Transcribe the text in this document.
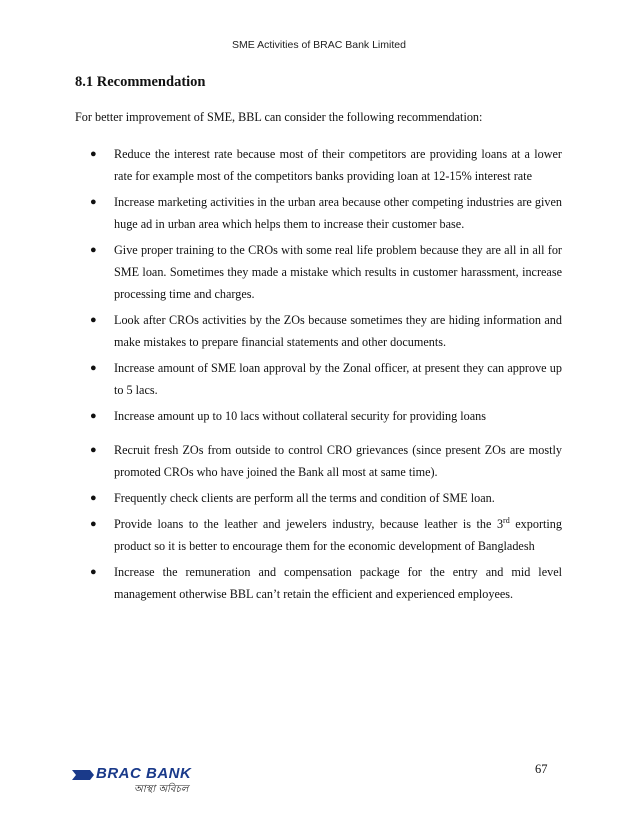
SME Activities of BRAC Bank Limited
8.1 Recommendation
For better improvement of SME, BBL can consider the following recommendation:
● Reduce the interest rate because most of their competitors are providing loans at a lower rate for example most of the competitors banks providing loan at 12-15% interest rate
● Increase marketing activities in the urban area because other competing industries are given huge ad in urban area which helps them to increase their customer base.
● Give proper training to the CROs with some real life problem because they are all in all for SME loan. Sometimes they made a mistake which results in customer harassment, increase processing time and charges.
● Look after CROs activities by the ZOs because sometimes they are hiding information and make mistakes to prepare financial statements and other documents.
● Increase amount of SME loan approval by the Zonal officer, at present they can approve up to 5 lacs.
● Increase amount up to 10 lacs without collateral security for providing loans
● Recruit fresh ZOs from outside to control CRO grievances (since present ZOs are mostly promoted CROs who have joined the Bank all most at same time).
● Frequently check clients are perform all the terms and condition of SME loan.
● Provide loans to the leather and jewelers industry, because leather is the 3rd exporting product so it is better to encourage them for the economic development of Bangladesh
● Increase the remuneration and compensation package for the entry and mid level management otherwise BBL can’t retain the efficient and experienced employees.
BRAC BANK
আস্থা অবিচল
67
